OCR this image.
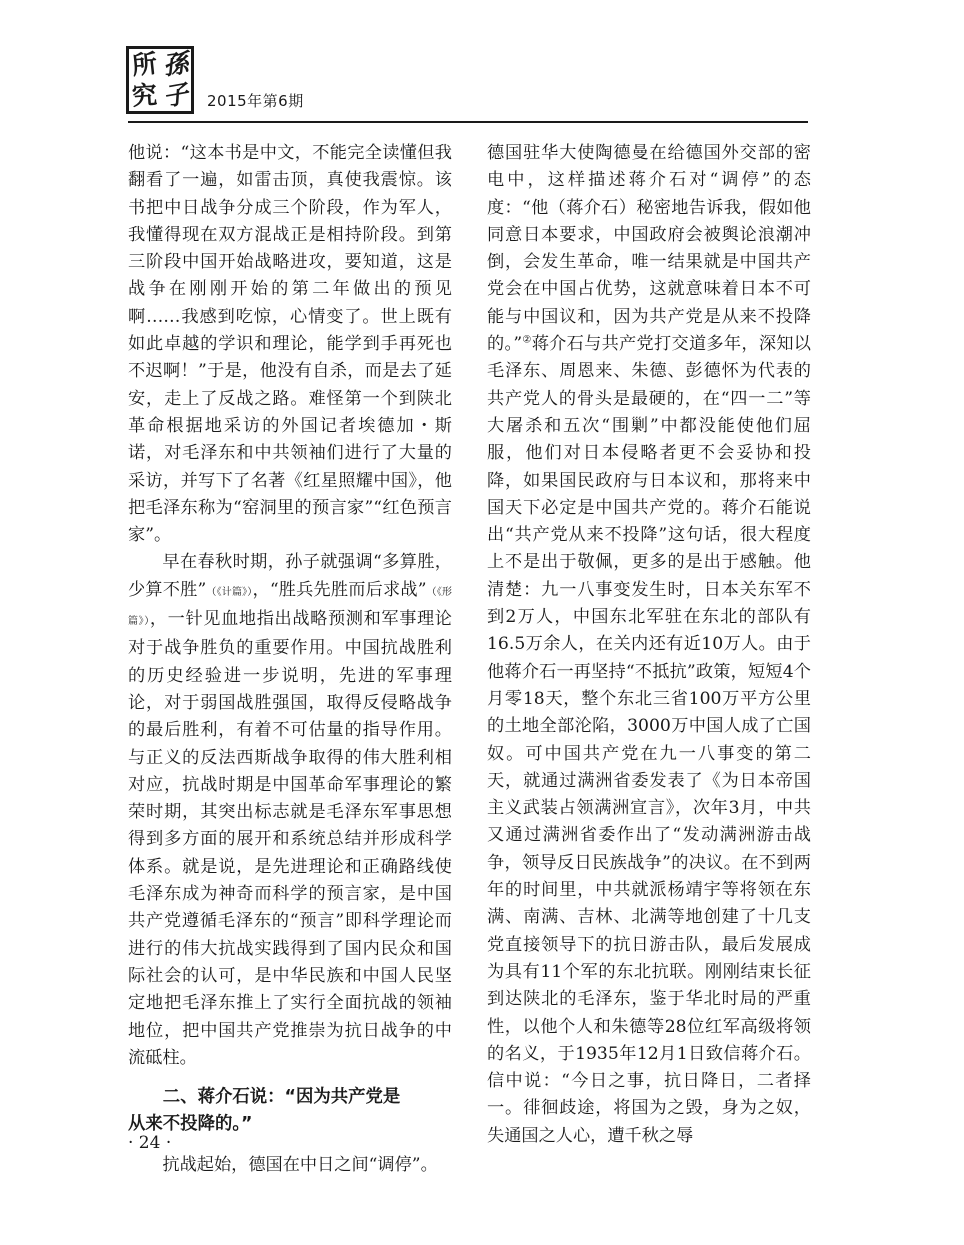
孫
所
究 子 2015年第6期

他说：“这本书是中文，不能完全读懂但我翻看了一遍，如雷击顶，真使我震惊。该书把中日战争分成三个阶段，作为军人，我懂得现在双方混战正是相持阶段。到第三阶段中国开始战略进攻，要知道，这是战争在刚刚开始的第二年做出的预见啊……我感到吃惊，心情变了。世上既有如此卓越的学识和理论，能学到手再死也不迟啊！”于是，他没有自杀，而是去了延安，走上了反战之路。难怪第一个到陕北革命根据地采访的外国记者埃德加・斯诺，对毛泽东和中共领袖们进行了大量的采访，并写下了名著《红星照耀中国》，他把毛泽东称为“窑洞里的预言家”“红色预言家”。

早在春秋时期，孙子就强调“多算胜，少算不胜”（《计篇》），“胜兵先胜而后求战”（《形篇》），一针见血地指出战略预测和军事理论对于战争胜负的重要作用。中国抗战胜利的历史经验进一步说明，先进的军事理论，对于弱国战胜强国，取得反侵略战争的最后胜利，有着不可估量的指导作用。与正义的反法西斯战争取得的伟大胜利相对应，抗战时期是中国革命军事理论的繁荣时期，其突出标志就是毛泽东军事思想得到多方面的展开和系统总结并形成科学体系。就是说，是先进理论和正确路线使毛泽东成为神奇而科学的预言家，是中国共产党遵循毛泽东的“预言”即科学理论而进行的伟大抗战实践得到了国内民众和国际社会的认可，是中华民族和中国人民坚定地把毛泽东推上了实行全面抗战的领袖地位，把中国共产党推崇为抗日战争的中流砥柱。

二、蒋介石说：“因为共产党是
从来不投降的。”

抗战起始，德国在中日之间“调停”。

德国驻华大使陶德曼在给德国外交部的密电中，这样描述蒋介石对“调停”的态度：“他（蒋介石）秘密地告诉我，假如他同意日本要求，中国政府会被舆论浪潮冲倒，会发生革命，唯一结果就是中国共产党会在中国占优势，这就意味着日本不可能与中国议和，因为共产党是从来不投降的。”②蒋介石与共产党打交道多年，深知以毛泽东、周恩来、朱德、彭德怀为代表的共产党人的骨头是最硬的，在“四一二”等大屠杀和五次“围剿”中都没能使他们屈服，他们对日本侵略者更不会妥协和投降，如果国民政府与日本议和，那将来中国天下必定是中国共产党的。蒋介石能说出“共产党从来不投降”这句话，很大程度上不是出于敬佩，更多的是出于感触。他清楚：九一八事变发生时，日本关东军不到2万人，中国东北军驻在东北的部队有16.5万余人，在关内还有近10万人。由于他蒋介石一再坚持“不抵抗”政策，短短4个月零18天，整个东北三省100万平方公里的土地全部沦陷，3000万中国人成了亡国奴。可中国共产党在九一八事变的第二天，就通过满洲省委发表了《为日本帝国主义武装占领满洲宣言》，次年3月，中共又通过满洲省委作出了“发动满洲游击战争，领导反日民族战争”的决议。在不到两年的时间里，中共就派杨靖宇等将领在东满、南满、吉林、北满等地创建了十几支党直接领导下的抗日游击队，最后发展成为具有11个军的东北抗联。刚刚结束长征到达陕北的毛泽东，鉴于华北时局的严重性，以他个人和朱德等28位红军高级将领的名义，于1935年12月1日致信蒋介石。信中说：“今日之事，抗日降日，二者择一。徘徊歧途，将国为之毁，身为之奴，失通国之人心，遭千秋之辱

· 24 ·
